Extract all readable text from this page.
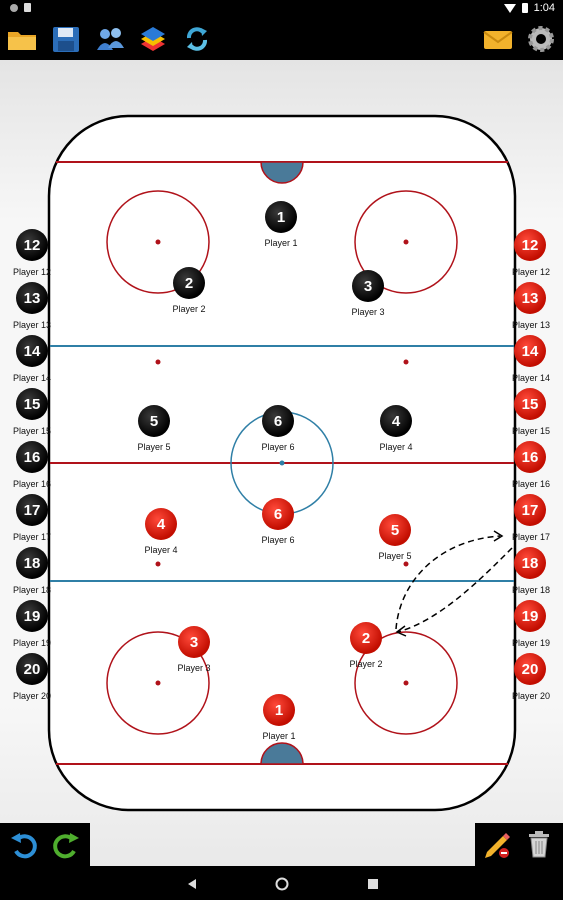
1:04
1
Player 1
2
Player 2
3
Player 3
5
Player 5
6
Player 6
4
Player 4
4
Player 4
6
Player 6
5
Player 5
3
Player 3
2
Player 2
1
Player 1
12
Player 12
13
Player 13
14
Player 14
15
Player 15
16
Player 16
17
Player 17
18
Player 18
19
Player 19
20
Player 20
12
Player 12
13
Player 13
14
Player 14
15
Player 15
16
Player 16
17
Player 17
18
Player 18
19
Player 19
20
Player 20
